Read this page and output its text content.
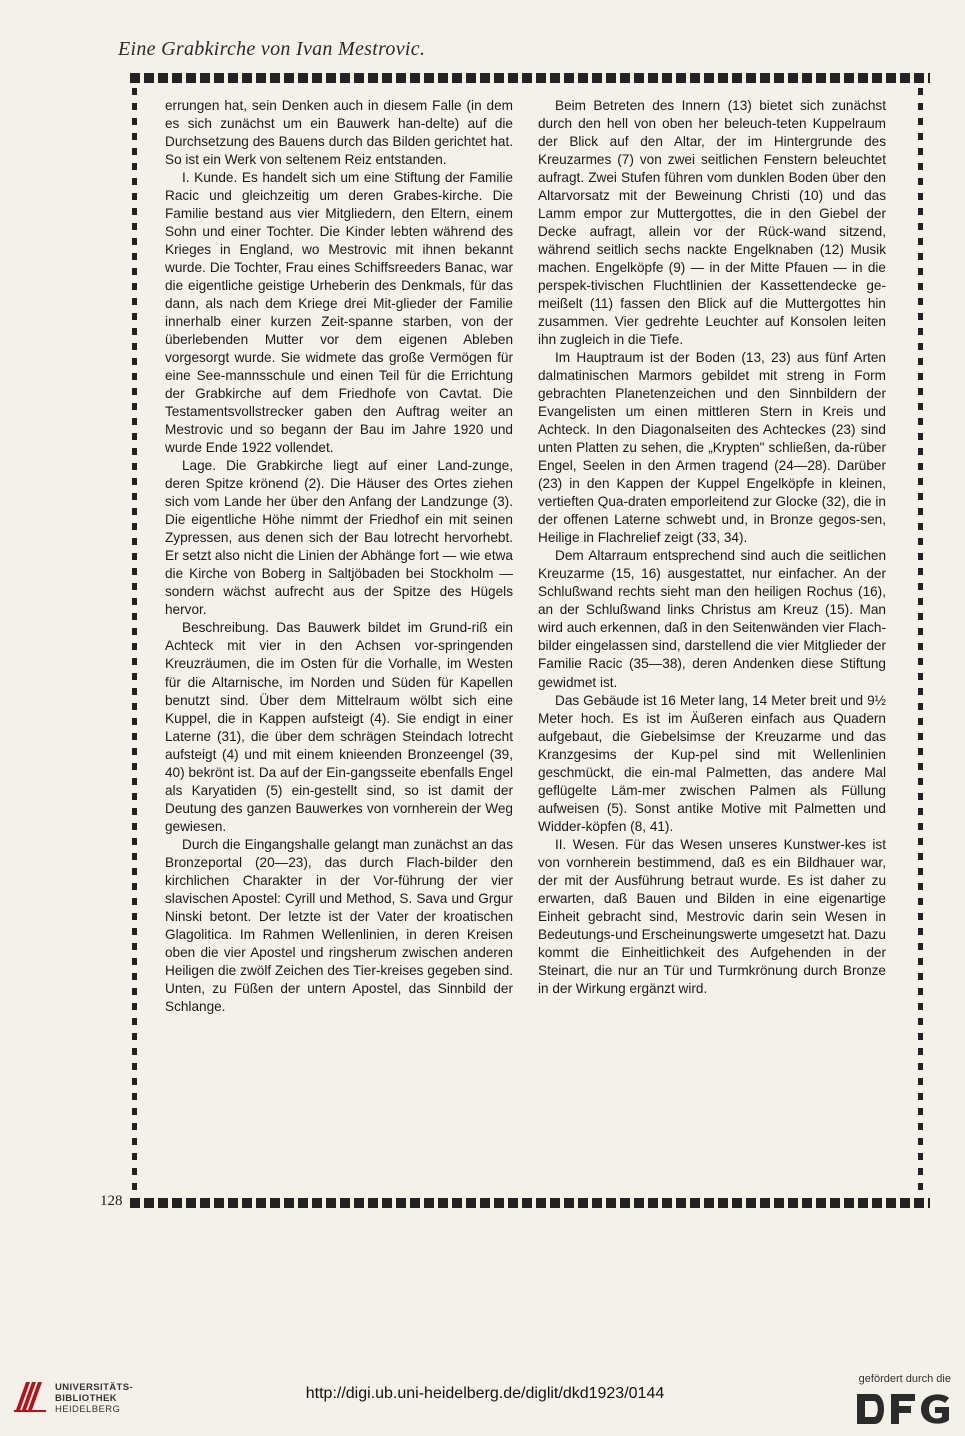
Eine Grabkirche von Ivan Mestrovic.

errungen hat, sein Denken auch in diesem Falle (in dem es sich zunächst um ein Bauwerk han-delte) auf die Durchsetzung des Bauens durch das Bilden gerichtet hat. So ist ein Werk von seltenem Reiz entstanden.

I. Kunde. Es handelt sich um eine Stiftung der Familie Racic und gleichzeitig um deren Grabes-kirche. Die Familie bestand aus vier Mitgliedern, den Eltern, einem Sohn und einer Tochter. Die Kinder lebten während des Krieges in England, wo Mestrovic mit ihnen bekannt wurde. Die Tochter, Frau eines Schiffsreeders Banac, war die eigentliche geistige Urheberin des Denkmals, für das dann, als nach dem Kriege drei Mit-glieder der Familie innerhalb einer kurzen Zeit-spanne starben, von der überlebenden Mutter vor dem eigenen Ableben vorgesorgt wurde. Sie widmete das große Vermögen für eine See-mannsschule und einen Teil für die Errichtung der Grabkirche auf dem Friedhofe von Cavtat. Die Testamentsvollstrecker gaben den Auftrag weiter an Mestrovic und so begann der Bau im Jahre 1920 und wurde Ende 1922 vollendet.

Lage. Die Grabkirche liegt auf einer Land-zunge, deren Spitze krönend (2). Die Häuser des Ortes ziehen sich vom Lande her über den Anfang der Landzunge (3). Die eigentliche Höhe nimmt der Friedhof ein mit seinen Zypressen, aus denen sich der Bau lotrecht hervorhebt. Er setzt also nicht die Linien der Abhänge fort — wie etwa die Kirche von Boberg in Saltjöbaden bei Stockholm — sondern wächst aufrecht aus der Spitze des Hügels hervor.

Beschreibung. Das Bauwerk bildet im Grund-riß ein Achteck mit vier in den Achsen vor-springenden Kreuzräumen, die im Osten für die Vorhalle, im Westen für die Altarnische, im Norden und Süden für Kapellen benutzt sind. Über dem Mittelraum wölbt sich eine Kuppel, die in Kappen aufsteigt (4). Sie endigt in einer Laterne (31), die über dem schrägen Steindach lotrecht aufsteigt (4) und mit einem knieenden Bronzeengel (39, 40) bekrönt ist. Da auf der Ein-gangsseite ebenfalls Engel als Karyatiden (5) ein-gestellt sind, so ist damit der Deutung des ganzen Bauwerkes von vornherein der Weg gewiesen.

Durch die Eingangshalle gelangt man zunächst an das Bronzeportal (20—23), das durch Flach-bilder den kirchlichen Charakter in der Vor-führung der vier slavischen Apostel: Cyrill und Method, S. Sava und Grgur Ninski betont. Der letzte ist der Vater der kroatischen Glagolitica. Im Rahmen Wellenlinien, in deren Kreisen oben die vier Apostel und ringsherum zwischen anderen Heiligen die zwölf Zeichen des Tier-kreises gegeben sind. Unten, zu Füßen der untern Apostel, das Sinnbild der Schlange.

Beim Betreten des Innern (13) bietet sich zunächst durch den hell von oben her beleuch-teten Kuppelraum der Blick auf den Altar, der im Hintergrunde des Kreuzarmes (7) von zwei seitlichen Fenstern beleuchtet aufragt. Zwei Stufen führen vom dunklen Boden über den Altarvorsatz mit der Beweinung Christi (10) und das Lamm empor zur Muttergottes, die in den Giebel der Decke aufragt, allein vor der Rück-wand sitzend, während seitlich sechs nackte Engelknaben (12) Musik machen. Engelköpfe (9) — in der Mitte Pfauen — in die perspek-tivischen Fluchtlinien der Kassettendecke ge-meißelt (11) fassen den Blick auf die Muttergottes hin zusammen. Vier gedrehte Leuchter auf Konsolen leiten ihn zugleich in die Tiefe.

Im Hauptraum ist der Boden (13, 23) aus fünf Arten dalmatinischen Marmors gebildet mit streng in Form gebrachten Planetenzeichen und den Sinnbildern der Evangelisten um einen mittleren Stern in Kreis und Achteck. In den Diagonalseiten des Achteckes (23) sind unten Platten zu sehen, die „Krypten" schließen, da-rüber Engel, Seelen in den Armen tragend (24—28). Darüber (23) in den Kappen der Kuppel Engelköpfe in kleinen, vertieften Qua-draten emporleitend zur Glocke (32), die in der offenen Laterne schwebt und, in Bronze gegos-sen, Heilige in Flachrelief zeigt (33, 34).

Dem Altarraum entsprechend sind auch die seitlichen Kreuzarme (15, 16) ausgestattet, nur einfacher. An der Schlußwand rechts sieht man den heiligen Rochus (16), an der Schlußwand links Christus am Kreuz (15). Man wird auch erkennen, daß in den Seitenwänden vier Flach-bilder eingelassen sind, darstellend die vier Mitglieder der Familie Racic (35—38), deren Andenken diese Stiftung gewidmet ist.

Das Gebäude ist 16 Meter lang, 14 Meter breit und 9½ Meter hoch. Es ist im Äußeren einfach aus Quadern aufgebaut, die Giebelsimse der Kreuzarme und das Kranzgesims der Kup-pel sind mit Wellenlinien geschmückt, die ein-mal Palmetten, das andere Mal geflügelte Läm-mer zwischen Palmen als Füllung aufweisen (5). Sonst antike Motive mit Palmetten und Widder-köpfen (8, 41).

II. Wesen. Für das Wesen unseres Kunstwer-kes ist von vornherein bestimmend, daß es ein Bildhauer war, der mit der Ausführung betraut wurde. Es ist daher zu erwarten, daß Bauen und Bilden in eine eigenartige Einheit gebracht sind, Mestrovic darin sein Wesen in Bedeutungs-und Erscheinungswerte umgesetzt hat. Dazu kommt die Einheitlichkeit des Aufgehenden in der Steinart, die nur an Tür und Turmkrönung durch Bronze in der Wirkung ergänzt wird.

128
UNIVERSITÄTS-
BIBLIOTHEK
HEIDELBERG
http://digi.ub.uni-heidelberg.de/diglit/dkd1923/0144
gefördert durch die
